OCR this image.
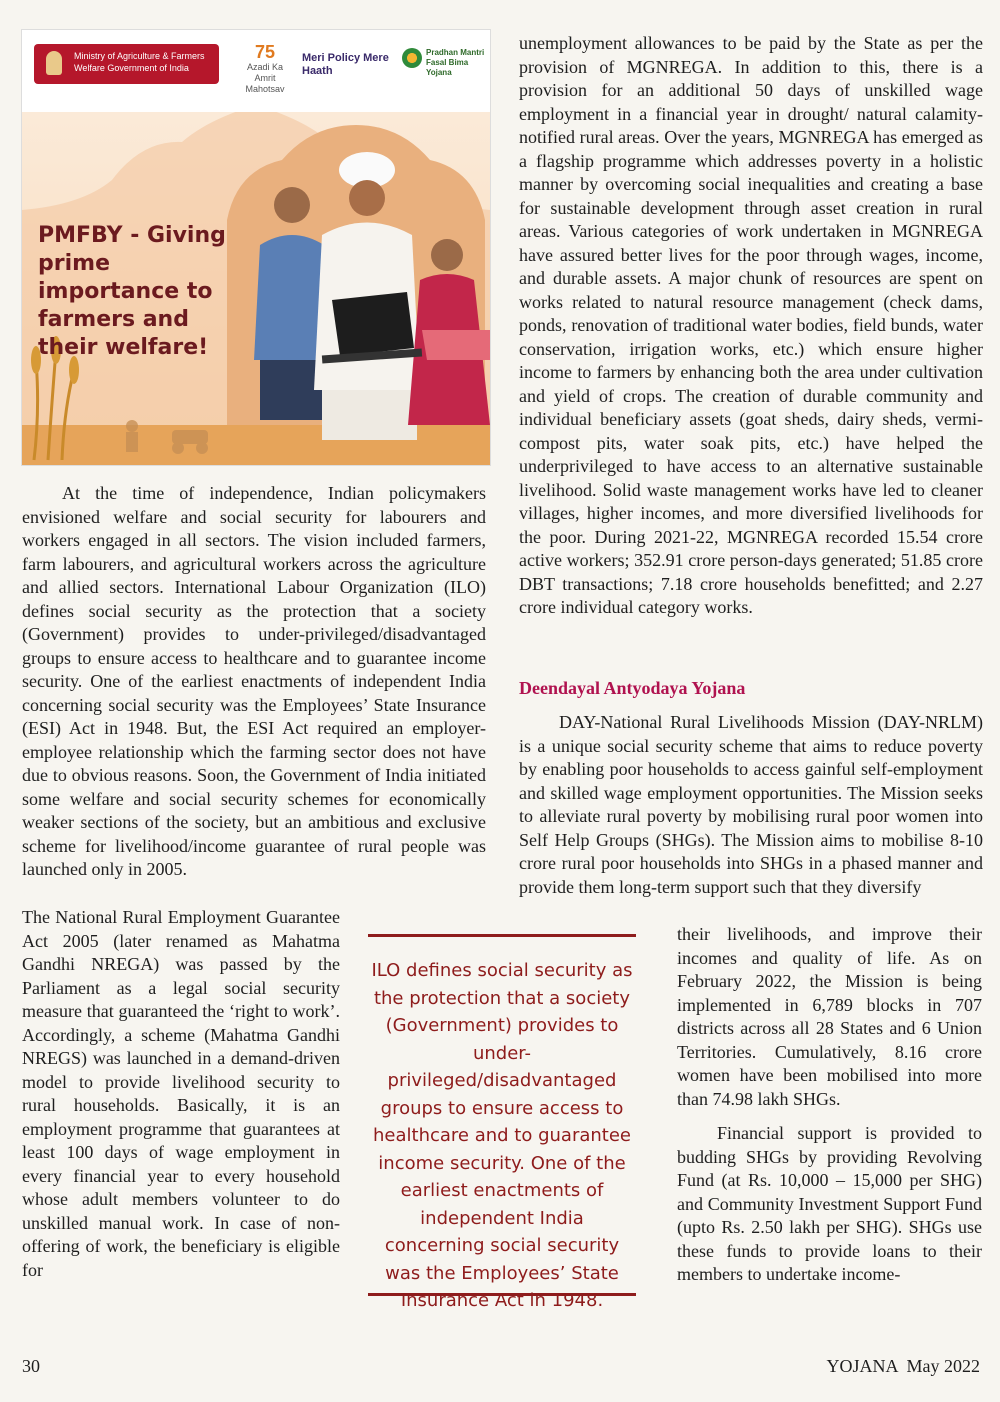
Ministry of Agriculture & Farmers Welfare Government of India
75
Azadi Ka Amrit Mahotsav
Meri Policy Mere Haath
Pradhan Mantri Fasal Bima Yojana

PMFBY - Giving prime importance to farmers and their welfare!

At the time of independence, Indian policymakers envisioned welfare and social security for labourers and workers engaged in all sectors. The vision included farmers, farm labourers, and agricultural workers across the agriculture and allied sectors. International Labour Organization (ILO) defines social security as the protection that a society (Government) provides to under-privileged/disadvantaged groups to ensure access to healthcare and to guarantee income security. One of the earliest enactments of independent India concerning social security was the Employees’ State Insurance (ESI) Act in 1948. But, the ESI Act required an employer-employee relationship which the farming sector does not have due to obvious reasons. Soon, the Government of India initiated some welfare and social security schemes for economically weaker sections of the society, but an ambitious and exclusive scheme for livelihood/income guarantee of rural people was launched only in 2005.

The National Rural Employment Guarantee Act 2005 (later renamed as Mahatma Gandhi NREGA) was passed by the Parliament as a legal social security measure that guaranteed the ‘right to work’. Accordingly, a scheme (Mahatma Gandhi NREGS) was launched in a demand-driven model to provide livelihood security to rural households. Basically, it is an employment programme that guarantees at least 100 days of wage employment in every financial year to every household whose adult members volunteer to do unskilled manual work. In case of non-offering of work, the beneficiary is eligible for

ILO defines social security as the protection that a society (Government) provides to under-privileged/disadvantaged groups to ensure access to healthcare and to guarantee income security. One of the earliest enactments of independent India concerning social security was the Employees’ State Insurance Act in 1948.

unemployment allowances to be paid by the State as per the provision of MGNREGA. In addition to this, there is a provision for an additional 50 days of unskilled wage employment in a financial year in drought/ natural calamity-notified rural areas. Over the years, MGNREGA has emerged as a flagship programme which addresses poverty in a holistic manner by overcoming social inequalities and creating a base for sustainable development through asset creation in rural areas. Various categories of work undertaken in MGNREGA have assured better lives for the poor through wages, income, and durable assets. A major chunk of resources are spent on works related to natural resource management (check dams, ponds, renovation of traditional water bodies, field bunds, water conservation, irrigation works, etc.) which ensure higher income to farmers by enhancing both the area under cultivation and yield of crops. The creation of durable community and individual beneficiary assets (goat sheds, dairy sheds, vermi-compost pits, water soak pits, etc.) have helped the underprivileged to have access to an alternative sustainable livelihood. Solid waste management works have led to cleaner villages, higher incomes, and more diversified livelihoods for the poor. During 2021-22, MGNREGA recorded 15.54 crore active workers; 352.91 crore person-days generated; 51.85 crore DBT transactions; 7.18 crore households benefitted; and 2.27 crore individual category works.

Deendayal Antyodaya Yojana

DAY-National Rural Livelihoods Mission (DAY-NRLM) is a unique social security scheme that aims to reduce poverty by enabling poor households to access gainful self-employment and skilled wage employment opportunities. The Mission seeks to alleviate rural poverty by mobilising rural poor women into Self Help Groups (SHGs). The Mission aims to mobilise 8-10 crore rural poor households into SHGs in a phased manner and provide them long-term support such that they diversify

their livelihoods, and improve their incomes and quality of life. As on February 2022, the Mission is being implemented in 6,789 blocks in 707 districts across all 28 States and 6 Union Territories. Cumulatively, 8.16 crore women have been mobilised into more than 74.98 lakh SHGs.

Financial support is provided to budding SHGs by providing Revolving Fund (at Rs. 10,000 – 15,000 per SHG) and Community Investment Support Fund (upto Rs. 2.50 lakh per SHG). SHGs use these funds to provide loans to their members to undertake income-

30	YOJANA  May 2022
